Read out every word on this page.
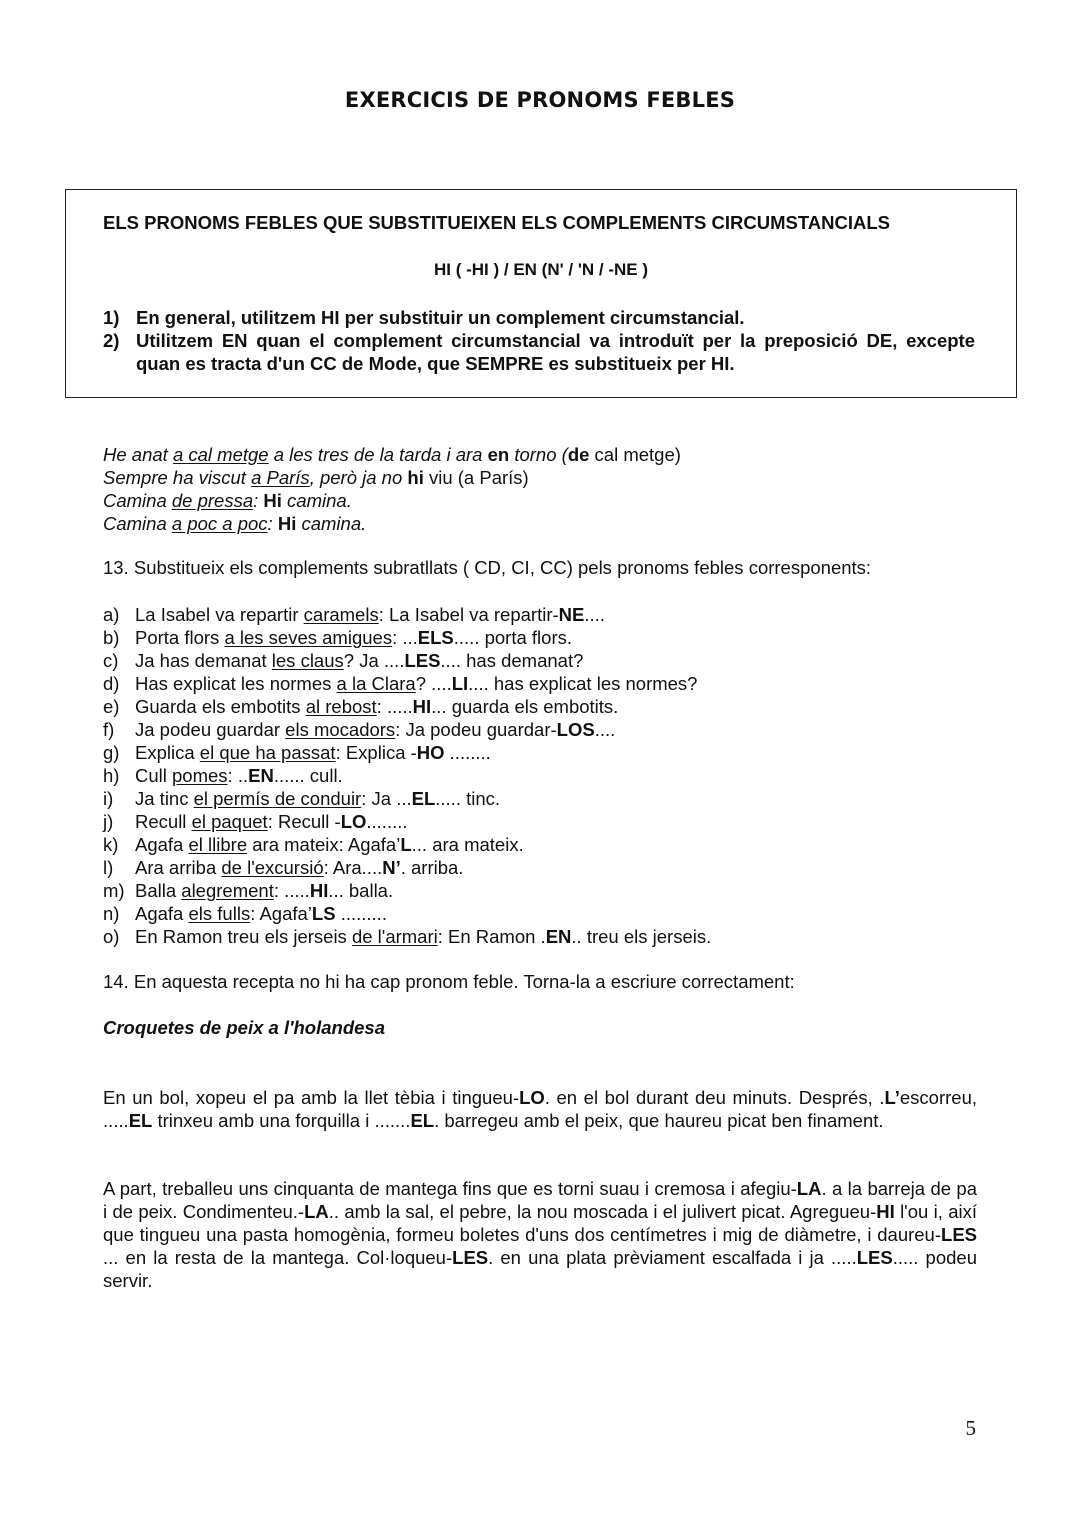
EXERCICIS DE PRONOMS FEBLES
ELS PRONOMS FEBLES QUE SUBSTITUEIXEN ELS COMPLEMENTS CIRCUMSTANCIALS
HI ( -HI ) / EN (N' / 'N / -NE )
1) En general, utilitzem HI per substituir un complement circumstancial.
2) Utilitzem EN quan el complement circumstancial va introduït per la preposició DE, excepte quan es tracta d'un CC de Mode, que SEMPRE es substitueix per HI.
He anat a cal metge a les tres de la tarda i ara en torno (de cal metge)
Sempre ha viscut a París, però ja no hi viu (a París)
Camina de pressa: Hi camina.
Camina a poc a poc: Hi camina.
13. Substitueix els complements subratllats ( CD, CI, CC) pels pronoms febles corresponents:
a) La Isabel va repartir caramels: La Isabel va repartir-NE....
b) Porta flors a les seves amigues: ...ELS..... porta flors.
c) Ja has demanat les claus? Ja ....LES.... has demanat?
d) Has explicat les normes a la Clara? ....LI.... has explicat les normes?
e) Guarda els embotits al rebost: .....HI... guarda els embotits.
f)	Ja podeu guardar els mocadors: Ja podeu guardar-LOS....
g) Explica el que ha passat: Explica -HO ........
h) Cull pomes: ..EN...... cull.
i)	Ja tinc el permís de conduir: Ja ...EL..... tinc.
j)	Recull el paquet: Recull -LO........
k) Agafa el llibre ara mateix: Agafa’L... ara mateix.
l)	Ara arriba de l'excursió: Ara....N’. arriba.
m) Balla alegrement: .....HI... balla.
n) Agafa els fulls: Agafa’LS .........
o) En Ramon treu els jerseis de l'armari: En Ramon .EN.. treu els jerseis.
14. En aquesta recepta no hi ha cap pronom feble. Torna-la a escriure correctament:
Croquetes de peix a l'holandesa
En un bol, xopeu el pa amb la llet tèbia i tingueu-LO. en el bol durant deu minuts. Després, .L’escorreu, .....EL trinxeu amb una forquilla i .......EL. barregeu amb el peix, que haureu picat ben finament.
A part, treballeu uns cinquanta de mantega fins que es torni suau i cremosa i afegiu-LA. a la barreja de pa i de peix. Condimenteu.-LA.. amb la sal, el pebre, la nou moscada i el julivert picat. Agregueu-HI l'ou i, així que tingueu una pasta homogènia, formeu boletes d'uns dos centímetres i mig de diàmetre, i daureu-LES ... en la resta de la mantega. Col·loqueu-LES. en una plata prèviament escalfada i ja .....LES..... podeu servir.
5
